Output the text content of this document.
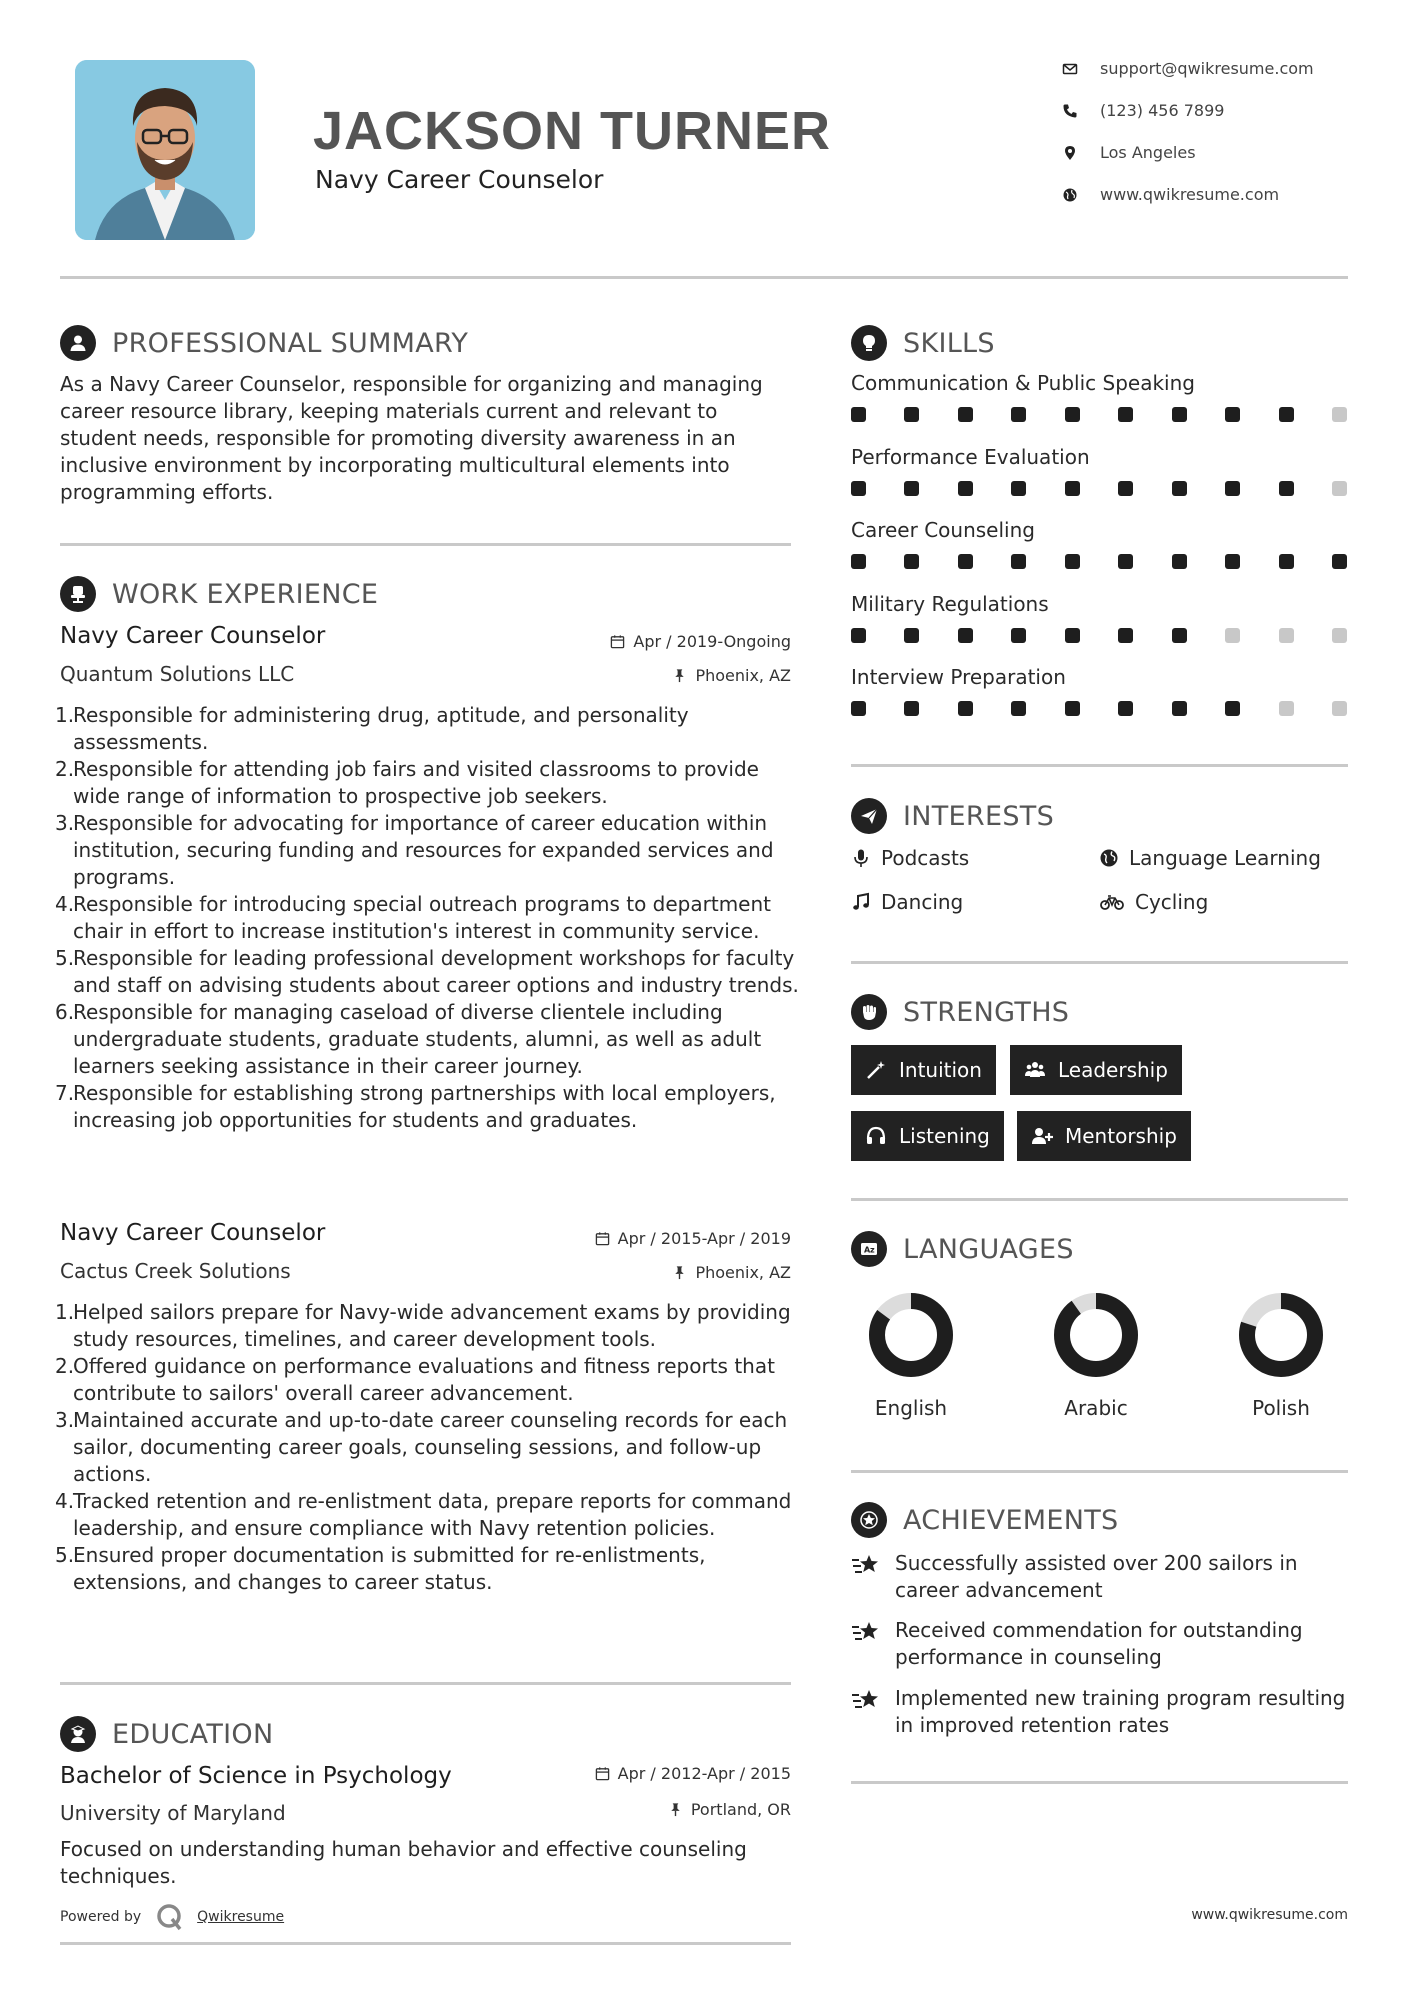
JACKSON TURNER
Navy Career Counselor
support@qwikresume.com
(123) 456 7899
Los Angeles
www.qwikresume.com
PROFESSIONAL SUMMARY
As a Navy Career Counselor, responsible for organizing and managing career resource library, keeping materials current and relevant to student needs, responsible for promoting diversity awareness in an inclusive environment by incorporating multicultural elements into programming efforts.
WORK EXPERIENCE
Navy Career Counselor	Apr / 2019-Ongoing
Quantum Solutions LLC	Phoenix, AZ
1.
Responsible for administering drug, aptitude, and personality assessments.
2.
Responsible for attending job fairs and visited classrooms to provide wide range of information to prospective job seekers.
3.
Responsible for advocating for importance of career education within institution, securing funding and resources for expanded services and programs.
4.
Responsible for introducing special outreach programs to department chair in effort to increase institution's interest in community service.
5.
Responsible for leading professional development workshops for faculty and staff on advising students about career options and industry trends.
6.
Responsible for managing caseload of diverse clientele including undergraduate students, graduate students, alumni, as well as adult learners seeking assistance in their career journey.
7.
Responsible for establishing strong partnerships with local employers, increasing job opportunities for students and graduates.
Navy Career Counselor	Apr / 2015-Apr / 2019
Cactus Creek Solutions	Phoenix, AZ
1.
Helped sailors prepare for Navy-wide advancement exams by providing study resources, timelines, and career development tools.
2.
Offered guidance on performance evaluations and fitness reports that contribute to sailors' overall career advancement.
3.
Maintained accurate and up-to-date career counseling records for each sailor, documenting career goals, counseling sessions, and follow-up actions.
4.
Tracked retention and re-enlistment data, prepare reports for command leadership, and ensure compliance with Navy retention policies.
5.
Ensured proper documentation is submitted for re-enlistments, extensions, and changes to career status.
EDUCATION
Bachelor of Science in Psychology	Apr / 2012-Apr / 2015
University of Maryland	Portland, OR
Focused on understanding human behavior and effective counseling techniques.
Powered by	Qwikresume	www.qwikresume.com
SKILLS
Communication & Public Speaking
Performance Evaluation
Career Counseling
Military Regulations
Interview Preparation
INTERESTS
Podcasts	Language Learning
Dancing	Cycling
STRENGTHS
Intuition	Leadership
Listening	Mentorship
A z LANGUAGES
English	Arabic	Polish
ACHIEVEMENTS
Successfully assisted over 200 sailors in career advancement
Received commendation for outstanding performance in counseling
Implemented new training program resulting in improved retention rates
